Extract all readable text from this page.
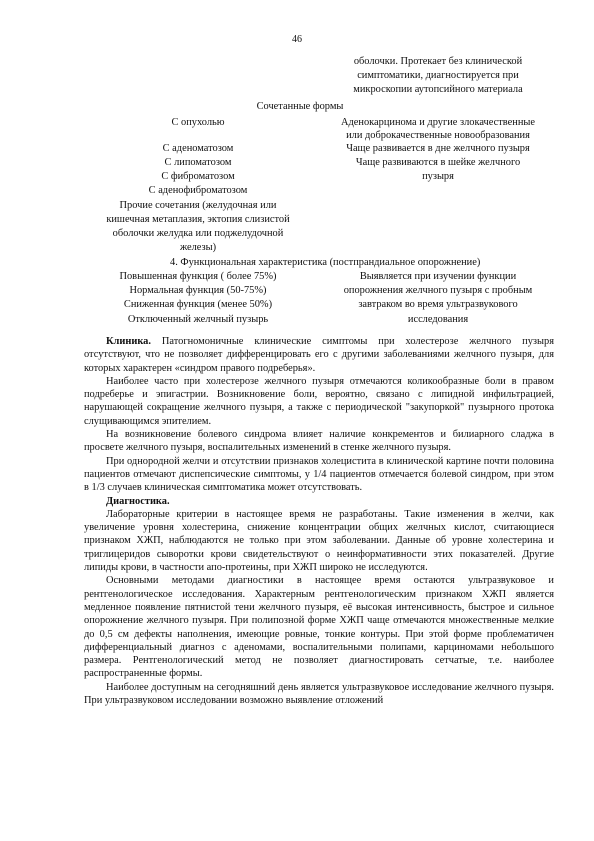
46
оболочки. Протекает без клинической
симптоматики, диагностируется при
микроскопии аутопсийного материала
Сочетанные формы
С опухолью
С аденоматозом
С липоматозом
С фиброматозом
С аденофиброматозом
Прочие сочетания (желудочная или
кишечная метаплазия, эктопия слизистой
оболочки желудка или поджелудочной
железы)
Аденокарцинома и другие злокачественные
или доброкачественные новообразования
Чаще развивается в дне желчного пузыря
Чаще развиваются в шейке желчного
пузыря
4. Функциональная характеристика (постпрандиальное опорожнение)
Повышенная функция ( более 75%)
Нормальная функция (50-75%)
Сниженная функция (менее 50%)
Отключенный желчный пузырь
Выявляется при изучении функции
опорожнения желчного пузыря с пробным
завтраком во время ультразвукового
исследования

Клиника. Патогномоничные клинические симптомы при холестерозе желчного пузыря отсутствуют, что не позволяет дифференцировать его с другими заболеваниями желчного пузыря, для которых характерен «синдром правого подреберья».

Наиболее часто при холестерозе желчного пузыря отмечаются коликообразные боли в правом подреберье и эпигастрии. Возникновение боли, вероятно, связано с липидной инфильтрацией, нарушающей сокращение желчного пузыря, а также с периодической "закупоркой" пузырного протока слущивающимся эпителием.

На возникновение болевого синдрома влияет наличие конкрементов и билиарного сладжа в просвете желчного пузыря, воспалительных изменений в стенке желчного пузыря.

При однородной желчи и отсутствии признаков холецистита в клинической картине почти половина пациентов отмечают диспепсические симптомы, у 1/4 пациентов отмечается болевой синдром, при этом в 1/3 случаев клиническая симптоматика может отсутствовать.

Диагностика.

Лабораторные критерии в настоящее время не разработаны. Такие изменения в желчи, как увеличение уровня холестерина, снижение концентрации общих желчных кислот, считающиеся признаком ХЖП, наблюдаются не только при этом заболевании. Данные об уровне холестерина и триглицеридов сыворотки крови свидетельствуют о неинформативности этих показателей. Другие липиды крови, в частности апо-протеины, при ХЖП широко не исследуются.

Основными методами диагностики в настоящее время остаются ультразвуковое и рентгенологическое исследования. Характерным рентгенологическим признаком ХЖП является медленное появление пятнистой тени желчного пузыря, её высокая интенсивность, быстрое и сильное опорожнение желчного пузыря. При полипозной форме ХЖП чаще отмечаются множественные мелкие до 0,5 см дефекты наполнения, имеющие ровные, тонкие контуры. При этой форме проблематичен дифференциальный диагноз с аденомами, воспалительными полипами, карциномами небольшого размера. Рентгенологический метод не позволяет диагностировать сетчатые, т.е. наиболее распространенные формы.

Наиболее доступным на сегодняшний день является ультразвуковое исследование желчного пузыря. При ультразвуковом исследовании возможно выявление отложений
